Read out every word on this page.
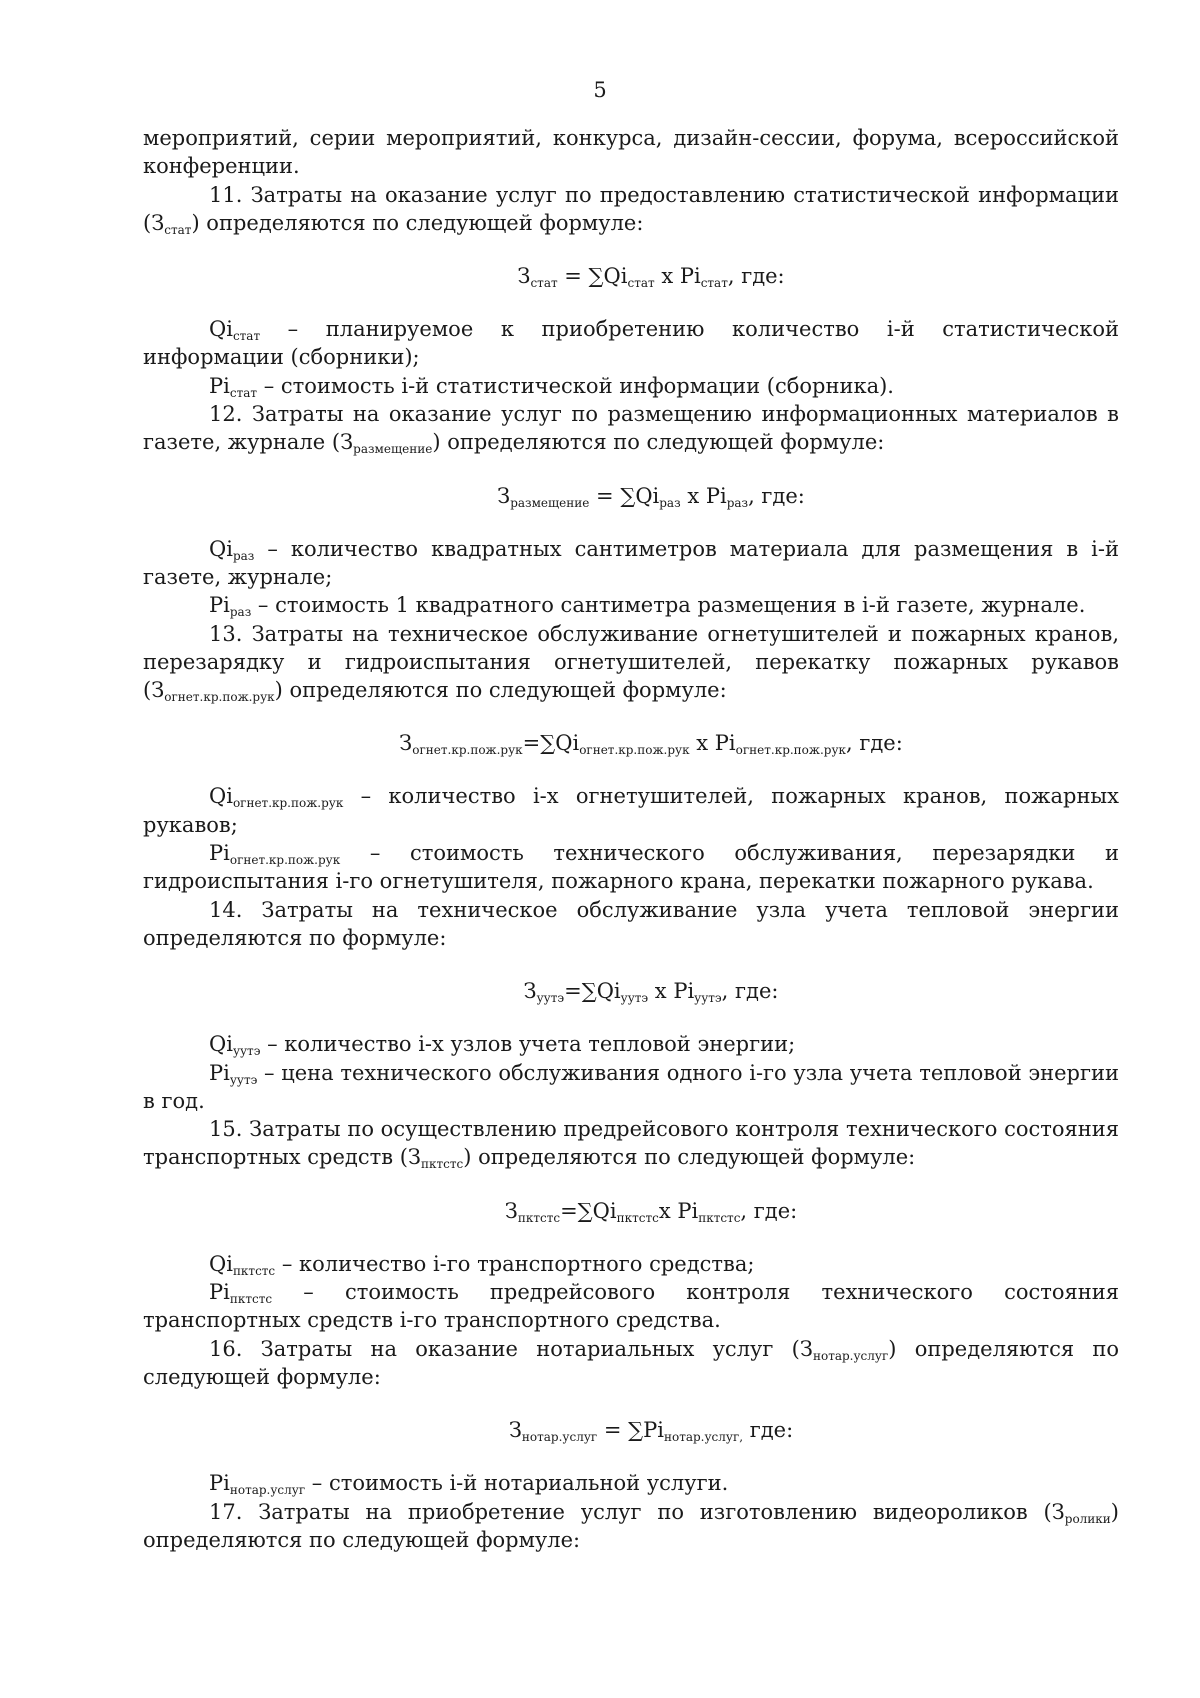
5

мероприятий, серии мероприятий, конкурса, дизайн-сессии, форума, всероссийской конференции.

11. Затраты на оказание услуг по предоставлению статистической информации $(З_{стат})$ определяются по следующей формуле:

$З_{стат} = \sum Qi_{стат}$ х $Pi_{стат}$, где:

$Qi_{стат}$ – планируемое к приобретению количество i-й статистической информации (сборники);

$Pi_{стат}$ – стоимость i-й статистической информации (сборника).

12. Затраты на оказание услуг по размещению информационных материалов в газете, журнале $(З_{размещение})$ определяются по следующей формуле:

$З_{размещение} = \sum Qi_{раз}$ х $Pi_{раз}$, где:

$Qi_{раз}$ – количество квадратных сантиметров материала для размещения в i-й газете, журнале;

$Pi_{раз}$ – стоимость 1 квадратного сантиметра размещения в i-й газете, журнале.

13. Затраты на техническое обслуживание огнетушителей и пожарных кранов, перезарядку и гидроиспытания огнетушителей, перекатку пожарных рукавов $(З_{огнет.кр.пож.рук})$ определяются по следующей формуле:

$З_{огнет.кр.пож.рук}=\sum Qi_{огнет.кр.пож.рук}$ х $Pi_{огнет.кр.пож.рук}$, где:

$Qi_{огнет.кр.пож.рук}$ – количество i-х огнетушителей, пожарных кранов, пожарных рукавов;

$Pi_{огнет.кр.пож.рук}$ – стоимость технического обслуживания, перезарядки и гидроиспытания i-го огнетушителя, пожарного крана, перекатки пожарного рукава.

14. Затраты на техническое обслуживание узла учета тепловой энергии определяются по формуле:

$З_{уутэ}=\sum Qi_{уутэ}$ х $Pi_{уутэ}$, где:

$Qi_{уутэ}$ – количество i-х узлов учета тепловой энергии;

$Pi_{уутэ}$ – цена технического обслуживания одного i-го узла учета тепловой энергии в год.

15. Затраты по осуществлению предрейсового контроля технического состояния транспортных средств $(З_{пктстс})$ определяются по следующей формуле:

$З_{пктстс}=\sum Qi_{пктстс}х$ $Pi_{пктстс}$, где:

$Qi_{пктстс}$ – количество i-го транспортного средства;

$Pi_{пктстс}$ – стоимость предрейсового контроля технического состояния транспортных средств i-го транспортного средства.

16. Затраты на оказание нотариальных услуг $(З_{нотар.услуг})$ определяются по следующей формуле:

$З_{нотар.услуг} = \sum Pi_{нотар.услуг,}$ где:

$Pi_{нотар.услуг}$ – стоимость i-й нотариальной услуги.

17. Затраты на приобретение услуг по изготовлению видеороликов $(З_{ролики})$ определяются по следующей формуле:
